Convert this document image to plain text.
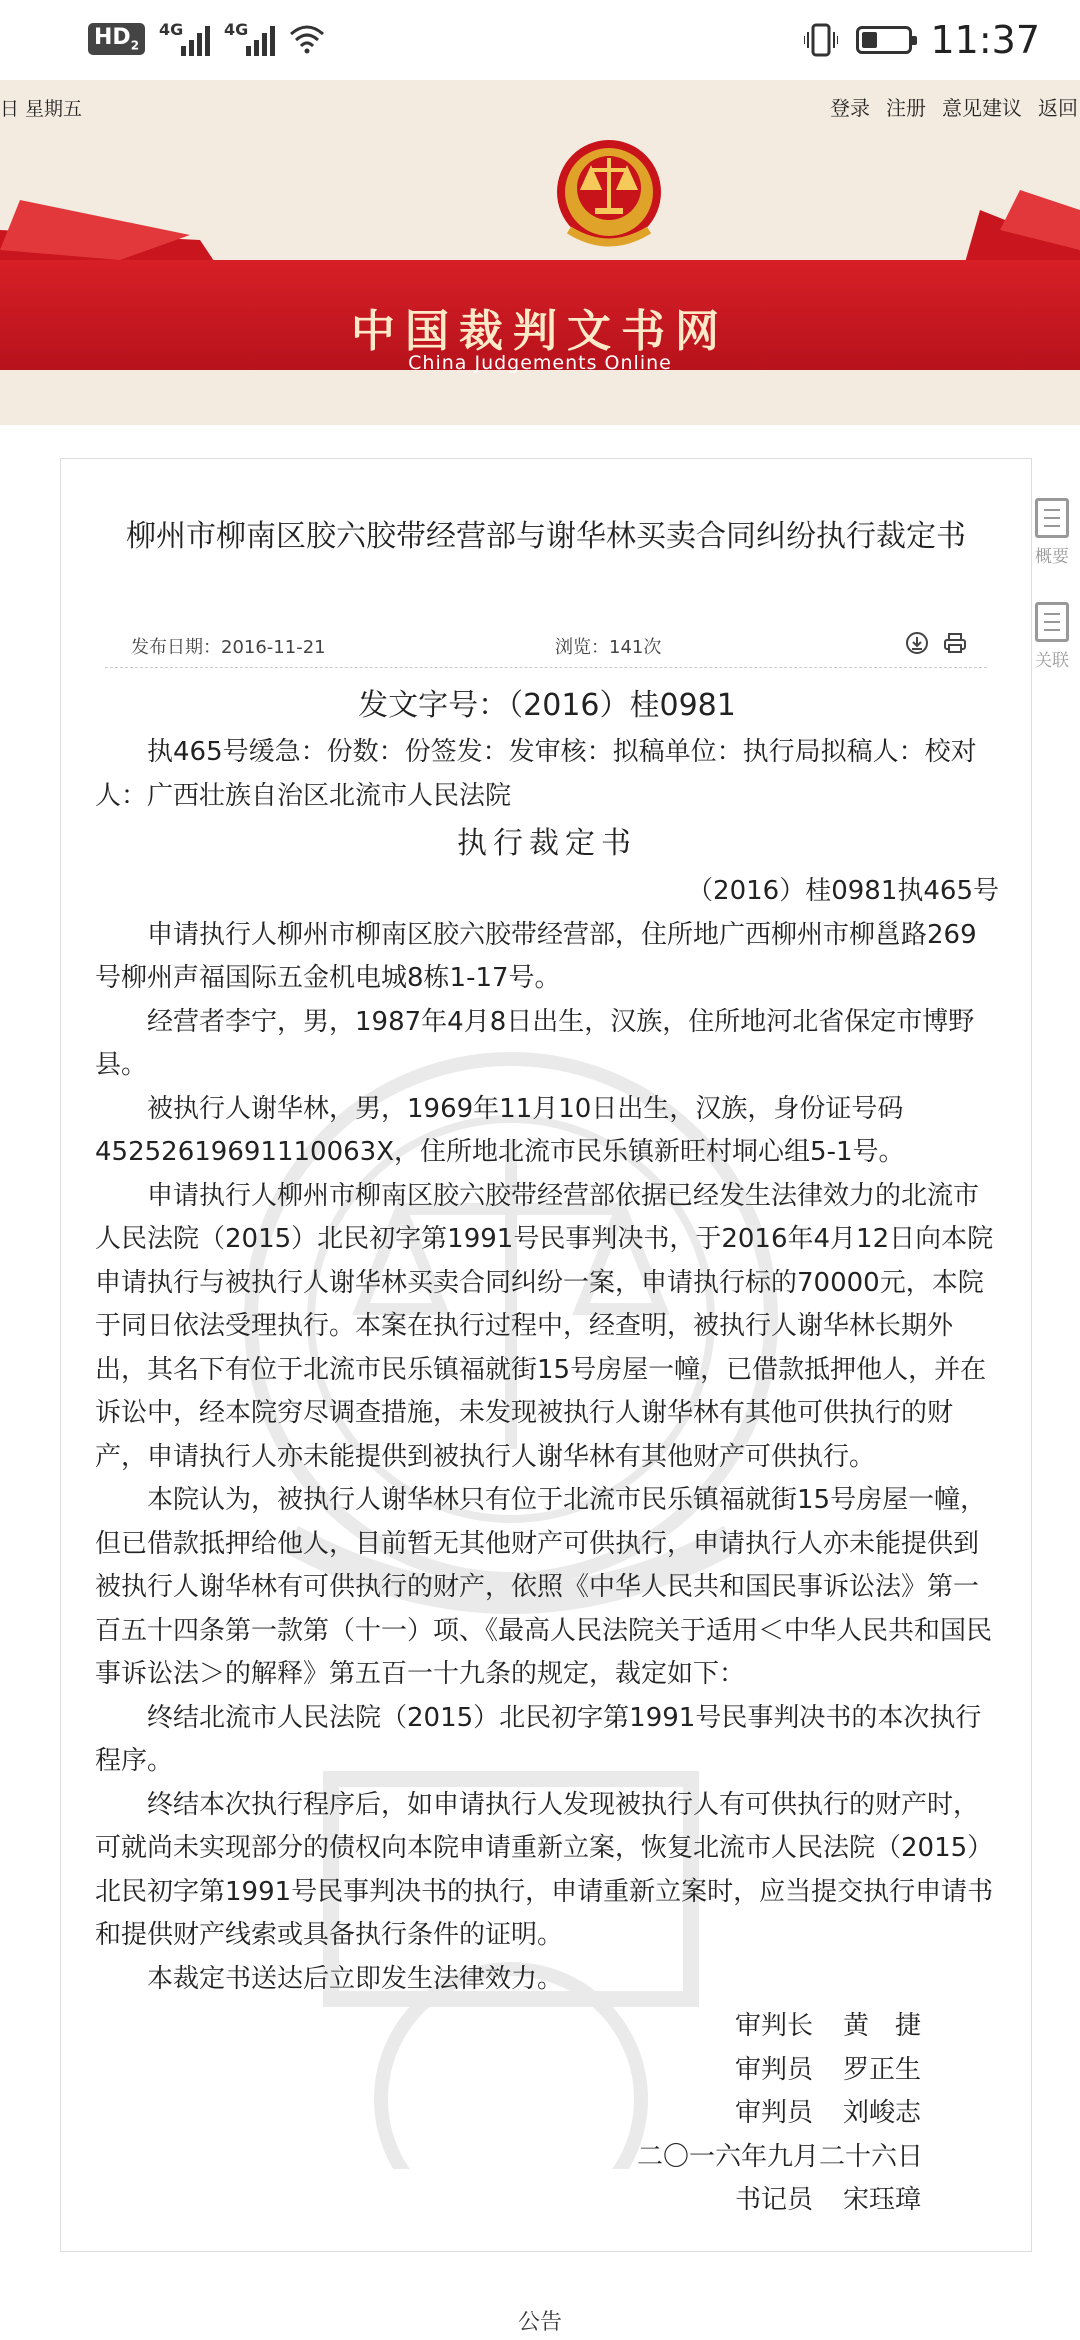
$HD_2$
4G	4G	11:37
日 星期五	登录 注册 意见建议 返回
中国裁判文书网
China Judgements Online
概要
关联
柳州市柳南区胶六胶带经营部与谢华林买卖合同纠纷执行裁定书
发布日期：2016-11-21	浏览：141次

发文字号：（2016）桂0981

执465号缓急：份数：份签发：发审核：拟稿单位：执行局拟稿人：校对人：广西壮族自治区北流市人民法院

执行裁定书

（2016）桂0981执465号

申请执行人柳州市柳南区胶六胶带经营部，住所地广西柳州市柳邕路269号柳州声福国际五金机电城8栋1-17号。

经营者李宁，男，1987年4月8日出生，汉族，住所地河北省保定市博野县。

被执行人谢华林，男，1969年11月10日出生，汉族，身份证号码45252619691110063X，住所地北流市民乐镇新旺村垌心组5-1号。

申请执行人柳州市柳南区胶六胶带经营部依据已经发生法律效力的北流市人民法院（2015）北民初字第1991号民事判决书，于2016年4月12日向本院申请执行与被执行人谢华林买卖合同纠纷一案，申请执行标的70000元，本院于同日依法受理执行。本案在执行过程中，经查明，被执行人谢华林长期外出，其名下有位于北流市民乐镇福就街15号房屋一幢，已借款抵押他人，并在诉讼中，经本院穷尽调查措施，未发现被执行人谢华林有其他可供执行的财产，申请执行人亦未能提供到被执行人谢华林有其他财产可供执行。

本院认为，被执行人谢华林只有位于北流市民乐镇福就街15号房屋一幢，但已借款抵押给他人，目前暂无其他财产可供执行，申请执行人亦未能提供到被执行人谢华林有可供执行的财产，依照《中华人民共和国民事诉讼法》第一百五十四条第一款第（十一）项、《最高人民法院关于适用＜中华人民共和国民事诉讼法＞的解释》第五百一十九条的规定，裁定如下：

终结北流市人民法院（2015）北民初字第1991号民事判决书的本次执行程序。

终结本次执行程序后，如申请执行人发现被执行人有可供执行的财产时，可就尚未实现部分的债权向本院申请重新立案，恢复北流市人民法院（2015）北民初字第1991号民事判决书的执行，申请重新立案时，应当提交执行申请书和提供财产线索或具备执行条件的证明。

本裁定书送达后立即发生法律效力。

审判长 黄　捷

审判员 罗正生

审判员 刘峻志

二〇一六年九月二十六日

书记员 宋珏璋

公告
